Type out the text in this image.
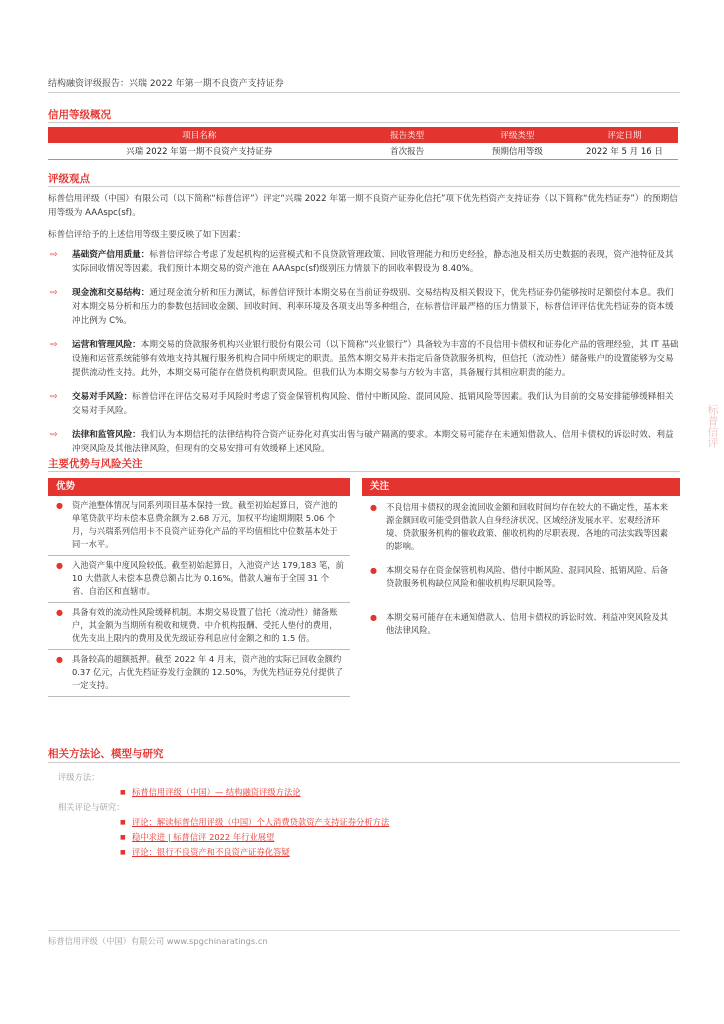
结构融资评级报告：兴瑞 2022 年第一期不良资产支持证券
信用等级概况
项目名称	报告类型	评级类型	评定日期
兴瑞 2022 年第一期不良资产支持证券	首次报告	预期信用等级	2022 年 5 月 16 日
评级观点
标普信用评级（中国）有限公司（以下简称“标普信评”）评定“兴瑞 2022 年第一期不良资产证券化信托”项下优先档资产支持证券（以下简称“优先档证券”）的预期信用等级为 AAAspc(sf)。
标普信评给予的上述信用等级主要反映了如下因素：
⇨ 基础资产信用质量：标普信评综合考虑了发起机构的运营模式和不良贷款管理政策、回收管理能力和历史经验，静态池及相关历史数据的表现，资产池特征及其实际回收情况等因素。我们预计本期交易的资产池在 AAAspc(sf)级别压力情景下的回收率假设为 8.40%。
⇨ 现金流和交易结构：通过现金流分析和压力测试，标普信评预计本期交易在当前证券级别、交易结构及相关假设下，优先档证券仍能够按时足额偿付本息。我们对本期交易分析和压力的参数包括回收金额、回收时间、利率环境及各项支出等多种组合，在标普信评最严格的压力情景下，标普信评评估优先档证券的资本缓冲比例为 C%。
⇨ 运营和管理风险：本期交易的贷款服务机构兴业银行股份有限公司（以下简称“兴业银行”）具备较为丰富的不良信用卡债权和证券化产品的管理经验，其 IT 基础设施和运营系统能够有效地支持其履行服务机构合同中所规定的职责。虽然本期交易并未指定后备贷款服务机构，但信托（流动性）储备账户的设置能够为交易提供流动性支持。此外，本期交易可能存在借贷机构职责风险。但我们认为本期交易参与方较为丰富，具备履行其相应职责的能力。
⇨ 交易对手风险：标普信评在评估交易对手风险时考虑了资金保管机构风险、借付中断风险、混同风险、抵销风险等因素。我们认为目前的交易安排能够缓释相关交易对手风险。
⇨ 法律和监管风险：我们认为本期信托的法律结构符合资产证券化对真实出售与破产隔离的要求。本期交易可能存在未通知借款人、信用卡债权的诉讼时效、利益冲突风险及其他法律风险，但现有的交易安排可有效缓释上述风险。
主要优势与风险关注
优势
● 资产池整体情况与同系列项目基本保持一致。截至初始起算日，资产池的单笔贷款平均未偿本息费余额为 2.68 万元，加权平均逾期期限 5.06 个月，与兴瑞系列信用卡不良资产证券化产品的平均值相比中位数基本处于同一水平。
● 入池资产集中度风险较低。截至初始起算日，入池资产达 179,183 笔，前 10 大借款人未偿本息费总额占比为 0.16%。借款人遍布于全国 31 个省、自治区和直辖市。
● 具备有效的流动性风险缓释机制。本期交易设置了信托（流动性）储备账户，其金额为当期所有税收和规费、中介机构报酬、受托人垫付的费用，优先支出上限内的费用及优先级证券利息应付金额之和的 1.5 倍。
● 具备较高的超额抵押。截至 2022 年 4 月末，资产池的实际已回收金额约 0.37 亿元，占优先档证券发行金额的 12.50%，为优先档证券兑付提供了一定支持。
关注
● 不良信用卡债权的现金流回收金额和回收时间均存在较大的不确定性，基本来源金额回收可能受到借款人自身经济状况、区域经济发展水平、宏观经济环境、贷款服务机构的催收政策、催收机构的尽职表现、各地的司法实践等因素的影响。
● 本期交易存在资金保管机构风险、借付中断风险、混同风险、抵销风险、后备贷款服务机构缺位风险和催收机构尽职风险等。
● 本期交易可能存在未通知借款人、信用卡债权的诉讼时效、利益冲突风险及其他法律风险。
相关方法论、模型与研究
评级方法：
■ 标普信用评级（中国）— 结构融资评级方法论
相关评论与研究：
■ 评论：解读标普信用评级（中国）个人消费贷款资产支持证券分析方法
■ 稳中求进 | 标普信评 2022 年行业展望
■ 评论：银行不良资产和不良资产证券化答疑
标普信用评级（中国）有限公司 www.spgchinaratings.cn
标普信评
